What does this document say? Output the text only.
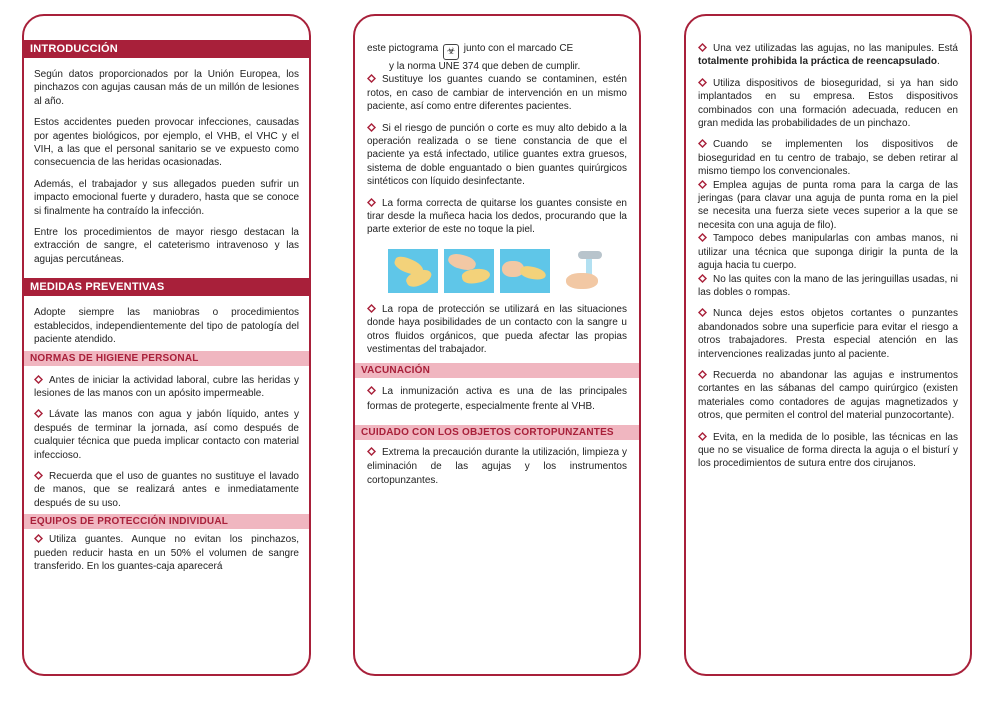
INTRODUCCIÓN

Según datos proporcionados por la Unión Europea, los pinchazos con agujas causan más de un millón de lesiones al año.

Estos accidentes pueden provocar infecciones, causadas por agentes biológicos, por ejemplo, el VHB, el VHC y el VIH, a las que el personal sanitario se ve expuesto como consecuencia de las heridas ocasionadas.

Además, el trabajador y sus allegados pueden sufrir un impacto emocional fuerte y duradero, hasta que se conoce si finalmente ha contraído la infección.

Entre los procedimientos de mayor riesgo destacan la extracción de sangre, el cateterismo intravenoso y las agujas percutáneas.

MEDIDAS PREVENTIVAS

Adopte siempre las maniobras o procedimientos establecidos, independientemente del tipo de patología del paciente atendido.

NORMAS DE HIGIENE PERSONAL

Antes de iniciar la actividad laboral, cubre las heridas y lesiones de las manos con un apósito impermeable.

Lávate las manos con agua y jabón líquido, antes y después de terminar la jornada, así como después de cualquier técnica que pueda implicar contacto con material infeccioso.

Recuerda que el uso de guantes no sustituye el lavado de manos, que se realizará antes e inmediatamente después de su uso.

EQUIPOS DE PROTECCIÓN INDIVIDUAL

Utiliza guantes. Aunque no evitan los pinchazos, pueden reducir hasta en un 50% el volumen de sangre transferido. En los guantes-caja aparecerá

este pictograma ☣ junto con el marcado CE

y la norma UNE 374 que deben de cumplir.

Sustituye los guantes cuando se contaminen, estén rotos, en caso de cambiar de intervención en un mismo paciente, así como entre diferentes pacientes.

Si el riesgo de punción o corte es muy alto debido a la operación realizada o se tiene constancia de que el paciente ya está infectado, utilice guantes extra gruesos, sistema de doble enguantado o bien guantes quirúrgicos sintéticos con líquido desinfectante.

La forma correcta de quitarse los guantes consiste en tirar desde la muñeca hacia los dedos, procurando que la parte exterior de este no toque la piel.

La ropa de protección se utilizará en las situaciones donde haya posibilidades de un contacto con la sangre u otros fluidos orgánicos, que pueda afectar las propias vestimentas del trabajador.

VACUNACIÓN

La inmunización activa es una de las principales formas de protegerte, especialmente frente al VHB.

CUIDADO CON LOS OBJETOS CORTOPUNZANTES

Extrema la precaución durante la utilización, limpieza y eliminación de las agujas y los instrumentos cortopunzantes.

Una vez utilizadas las agujas, no las manipules. Está totalmente prohibida la práctica de reencapsulado.

Utiliza dispositivos de bioseguridad, si ya han sido implantados en su empresa. Estos dispositivos combinados con una formación adecuada, reducen en gran medida las probabilidades de un pinchazo.

Cuando se implementen los dispositivos de bioseguridad en tu centro de trabajo, se deben retirar al mismo tiempo los convencionales.

Emplea agujas de punta roma para la carga de las jeringas (para clavar una aguja de punta roma en la piel se necesita una fuerza siete veces superior a la que se necesita con una aguja de filo).

Tampoco debes manipularlas con ambas manos, ni utilizar una técnica que suponga dirigir la punta de la aguja hacia tu cuerpo.

No las quites con la mano de las jeringuillas usadas, ni las dobles o rompas.

Nunca dejes estos objetos cortantes o punzantes abandonados sobre una superficie para evitar el riesgo a otros trabajadores. Presta especial atención en las intervenciones realizadas junto al paciente.

Recuerda no abandonar las agujas e instrumentos cortantes en las sábanas del campo quirúrgico (existen materiales como contadores de agujas magnetizados y otros, que permiten el control del material punzocortante).

Evita, en la medida de lo posible, las técnicas en las que no se visualice de forma directa la aguja o el bisturí y los procedimientos de sutura entre dos cirujanos.
